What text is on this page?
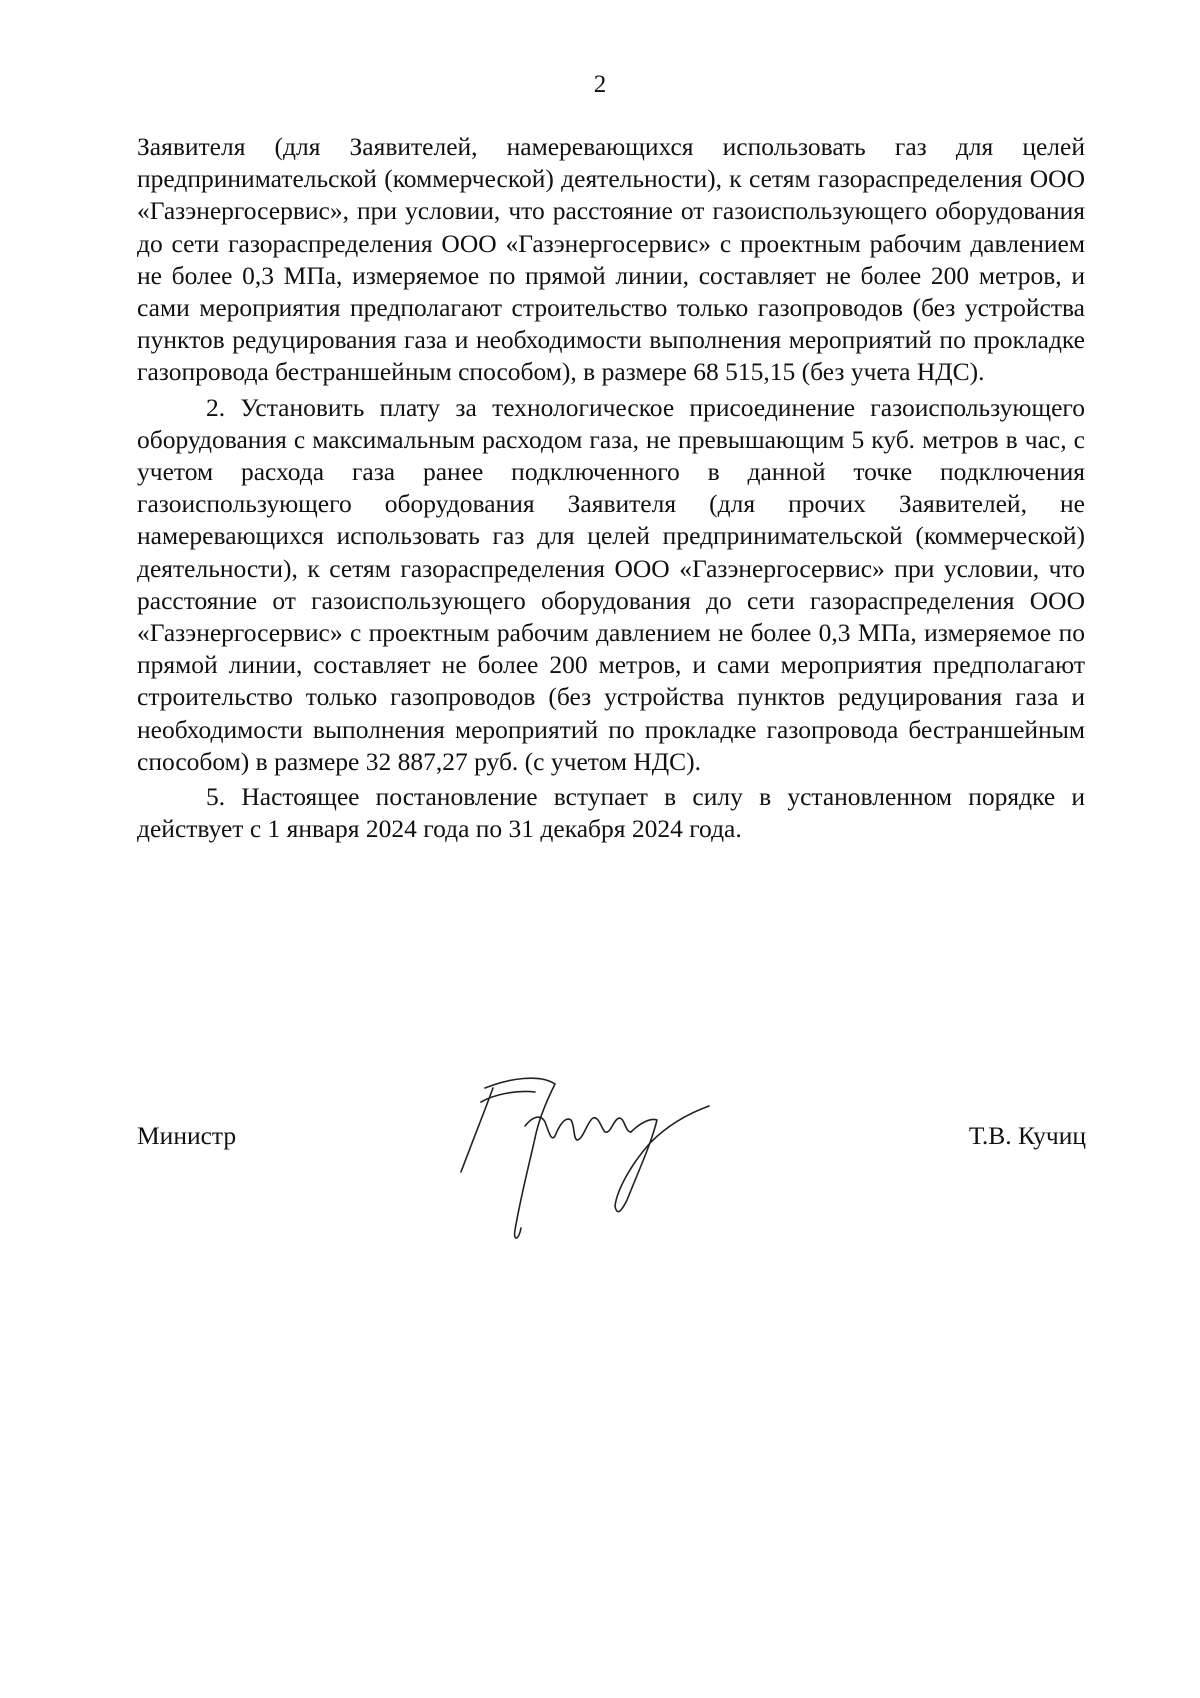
2

Заявителя (для Заявителей, намеревающихся использовать газ для целей предпринимательской (коммерческой) деятельности), к сетям газораспределения ООО «Газэнергосервис», при условии, что расстояние от газоиспользующего оборудования до сети газораспределения ООО «Газэнергосервис» с проектным рабочим давлением не более 0,3 МПа, измеряемое по прямой линии, составляет не более 200 метров, и сами мероприятия предполагают строительство только газопроводов (без устройства пунктов редуцирования газа и необходимости выполнения мероприятий по прокладке газопровода бестраншейным способом), в размере 68 515,15 (без учета НДС).

2. Установить плату за технологическое присоединение газоиспользующего оборудования с максимальным расходом газа, не превышающим 5 куб. метров в час, с учетом расхода газа ранее подключенного в данной точке подключения газоиспользующего оборудования Заявителя (для прочих Заявителей, не намеревающихся использовать газ для целей предпринимательской (коммерческой) деятельности), к сетям газораспределения ООО «Газэнергосервис» при условии, что расстояние от газоиспользующего оборудования до сети газораспределения ООО «Газэнергосервис» с проектным рабочим давлением не более 0,3 МПа, измеряемое по прямой линии, составляет не более 200 метров, и сами мероприятия предполагают строительство только газопроводов (без устройства пунктов редуцирования газа и необходимости выполнения мероприятий по прокладке газопровода бестраншейным способом) в размере 32 887,27 руб. (с учетом НДС).

5. Настоящее постановление вступает в силу в установленном порядке и действует с 1 января 2024 года по 31 декабря 2024 года.

Министр	Т.В. Кучиц
